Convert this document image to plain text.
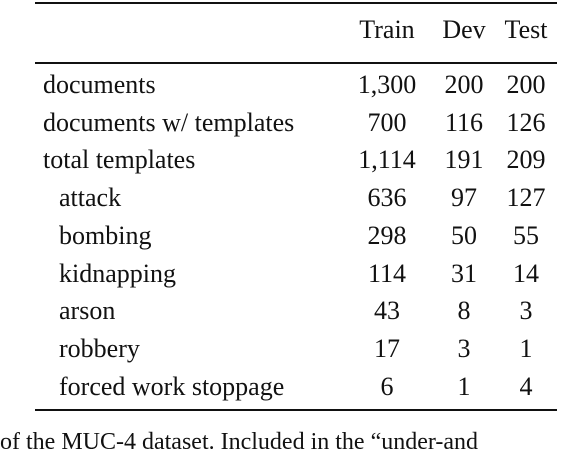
Train	Dev Test
documents	1,300	200 200
documents w/ templates	700	116 126
total templates	1,114	191 209
attack	636	97	127
bombing	298	50	55
kidnapping	114	31	14
arson	43	8	3
robbery	17	3	1
forced work stoppage	6	1	4
of the MUC-4 dataset. Included in the “under-and
